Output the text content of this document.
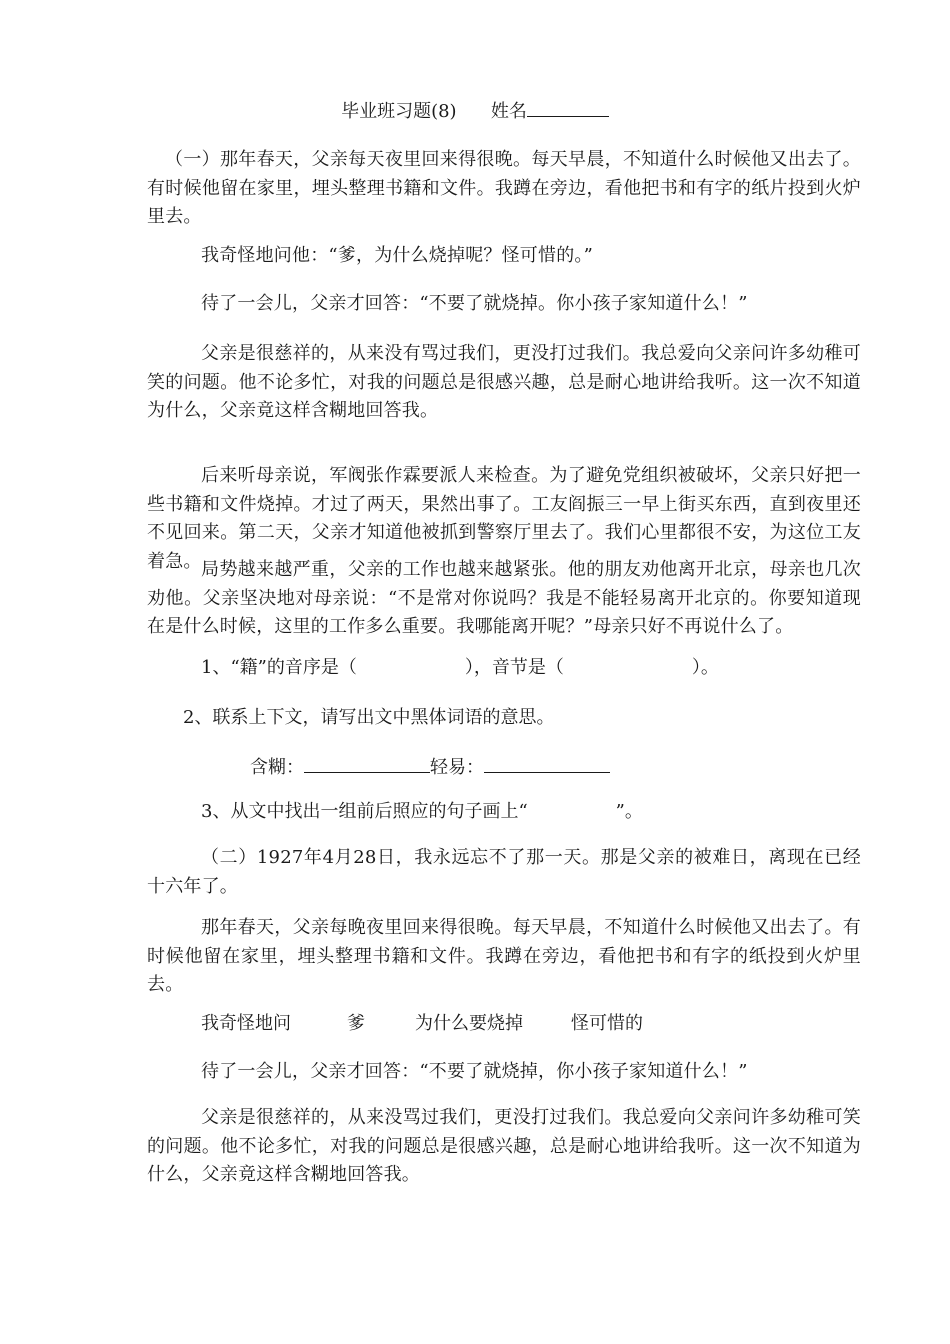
毕业班习题(8) 姓名
（一）那年春天，父亲每天夜里回来得很晚。每天早晨，不知道什么时候他又出去了。有时候他留在家里，埋头整理书籍和文件。我蹲在旁边，看他把书和有字的纸片投到火炉里去。
我奇怪地问他：“爹，为什么烧掉呢？怪可惜的。”
待了一会儿，父亲才回答：“不要了就烧掉。你小孩子家知道什么！”
父亲是很慈祥的，从来没有骂过我们，更没打过我们。我总爱向父亲问许多幼稚可笑的问题。他不论多忙，对我的问题总是很感兴趣，总是耐心地讲给我听。这一次不知道为什么，父亲竟这样含糊地回答我。
后来听母亲说，军阀张作霖要派人来检查。为了避免党组织被破坏，父亲只好把一些书籍和文件烧掉。才过了两天，果然出事了。工友阎振三一早上街买东西，直到夜里还不见回来。第二天，父亲才知道他被抓到警察厅里去了。我们心里都很不安，为这位工友着急。 局势越来越严重，父亲的工作也越来越紧张。他的朋友劝他离开北京，母亲也几次劝他。父亲坚决地对母亲说：“不是常对你说吗？我是不能轻易离开北京的。你要知道现在是什么时候，这里的工作多么重要。我哪能离开呢？”母亲只好不再说什么了。
1、“籍”的音序是（	），音节是（	）。
2、联系上下文，请写出文中黑体词语的意思。
含糊：	轻易：
3、从文中找出一组前后照应的句子画上“	”。
（二）1927年4月28日，我永远忘不了那一天。那是父亲的被难日，离现在已经十六年了。
那年春天，父亲每晚夜里回来得很晚。每天早晨，不知道什么时候他又出去了。有时候他留在家里，埋头整理书籍和文件。我蹲在旁边，看他把书和有字的纸投到火炉里去。
我奇怪地问	爹	为什么要烧掉	怪可惜的
待了一会儿，父亲才回答：“不要了就烧掉，你小孩子家知道什么！”
父亲是很慈祥的，从来没骂过我们，更没打过我们。我总爱向父亲问许多幼稚可笑的问题。他不论多忙，对我的问题总是很感兴趣，总是耐心地讲给我听。这一次不知道为什么，父亲竟这样含糊地回答我。
